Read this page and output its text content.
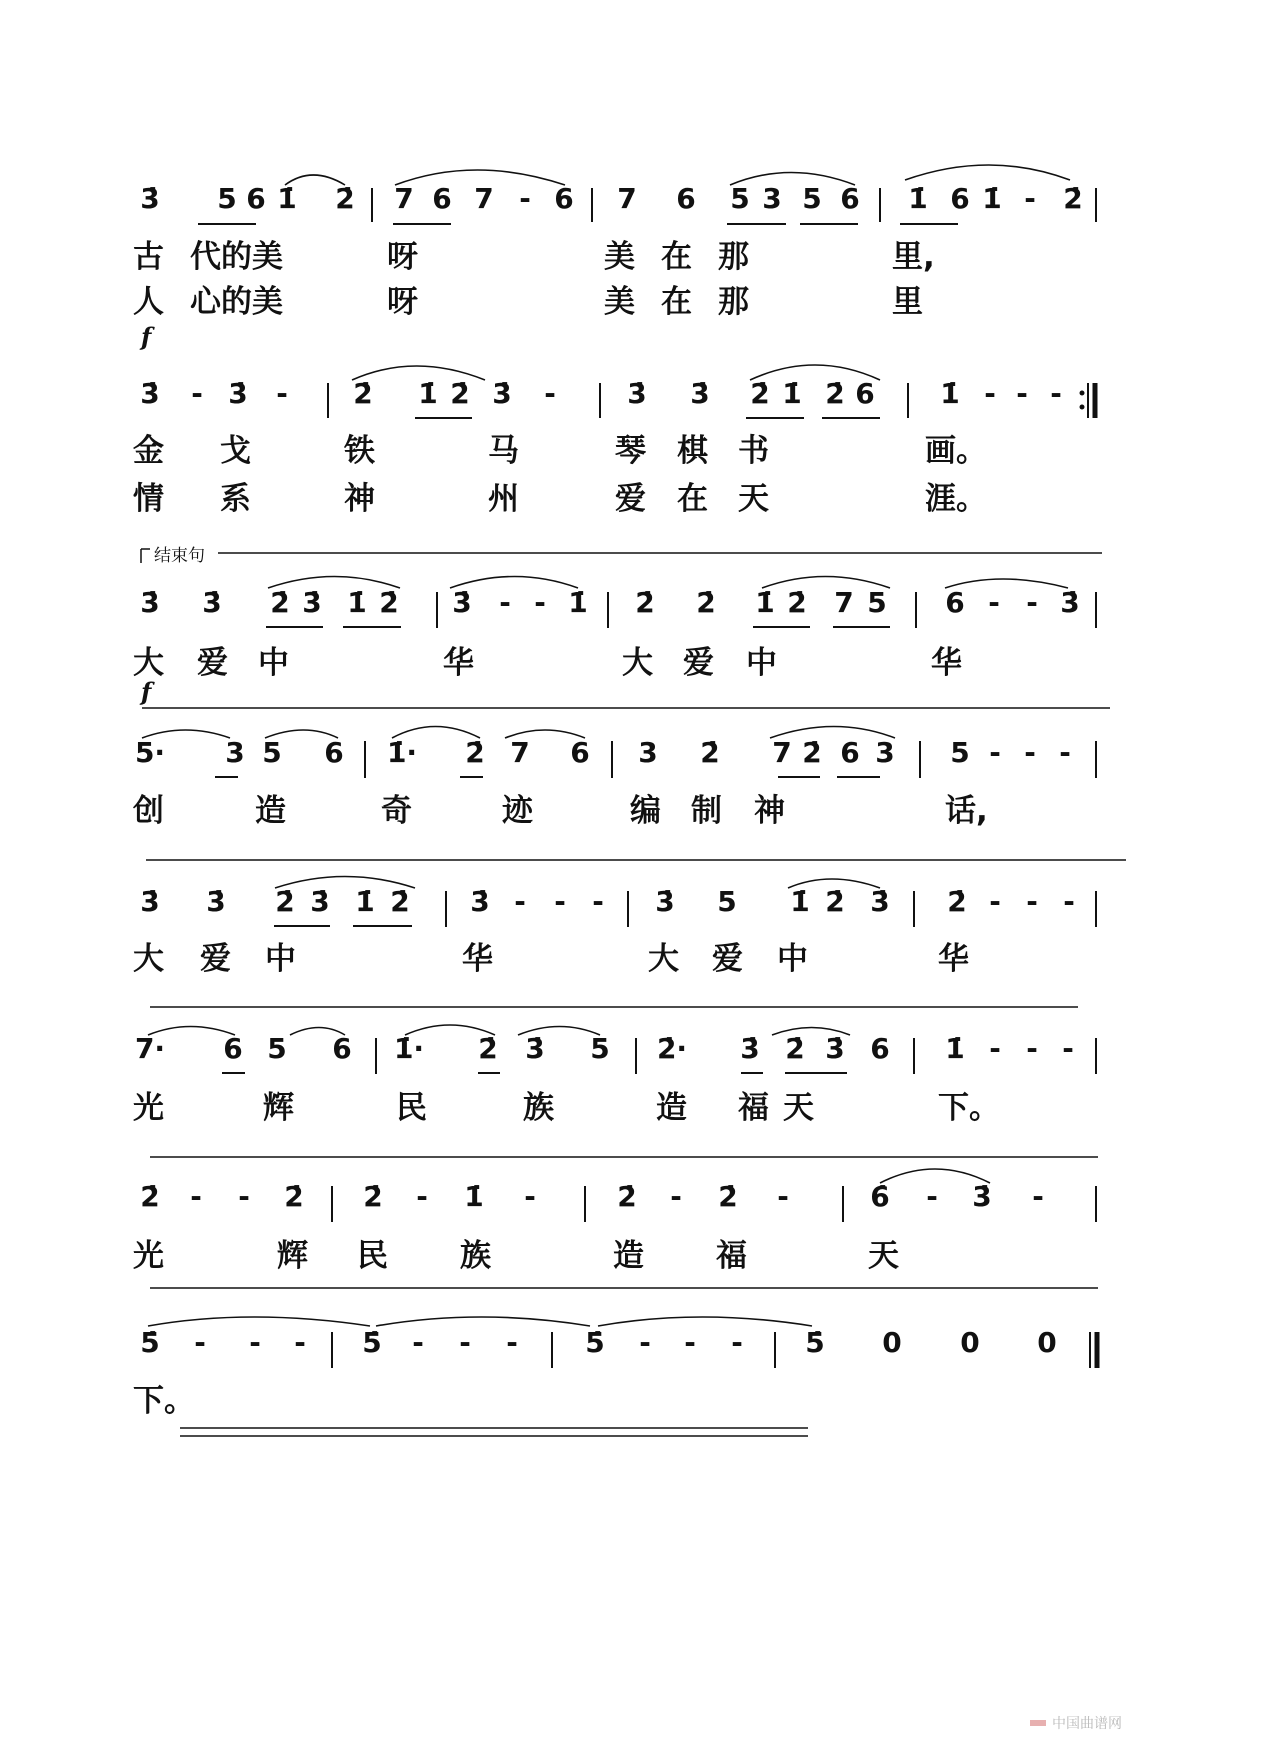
3̇ 5 6 1̇ 2̇ 7 6 7 - 6 7 6 5 3 5 6 1̇ 6 1̇ - 2̇
3̇ - 3̇ - 2̇ 1̇ 2̇ 3̇ -	3̇ 3̇ 2̇ 1̇ 2̇ 6 1̇ - - -
3̇ 3̇ 2̇ 3̇ 1̇ 2̇ 3̇ - - 1̇ 2̇ 2̇ 1̇ 2̇ 7 5 6 - - 3̇
5· 3 5 6 1̇· 2̇ 7 6 3 2̇ 7 2̇ 6 3 5 - - -
3̇ 3̇ 2̇ 3̇ 1̇ 2̇ 3̇ - - - 3̇ 5 1̇ 2̇ 3̇ 2̇ - - -
7· 6 5 6 1̇· 2̇ 3̇ 5 2̇· 3̇ 2̇ 3̇ 6 1̇ - - -
2̇ - - 2̇ 2̇ - 1̇ -	2̇ - 2̇ -	6̇ - 3̇ -
5̇ - - - 5̇ - - - 5̇ - - - 5̇ 0 0 0
结束句
f
f
中国曲谱网
古 代的美	呀	美 在 那	里,
人 心的美	呀	美 在 那	里
金 戈	铁	马	琴 棋 书	画。
情 系	神	州	爱 在 天	涯。
大 爱 中	华	大 爱 中	华
创	造	奇	迹	编 制 神	话,
大 爱 中	华	大 爱 中	华
光	辉	民	族	造 福 天	下。
光	辉 民 族	造 福	天
下。
